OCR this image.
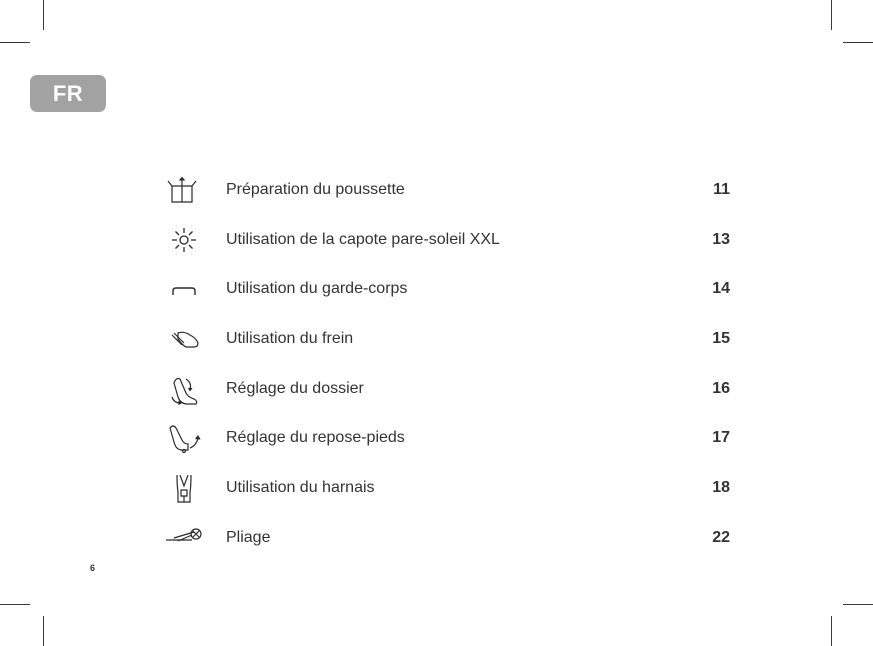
FR
Préparation du poussette	11
Utilisation de la capote pare-soleil XXL	13
Utilisation du garde-corps	14
Utilisation du frein	15
Réglage du dossier	16
Réglage du repose-pieds	17
Utilisation du harnais	18
Pliage	22
6
